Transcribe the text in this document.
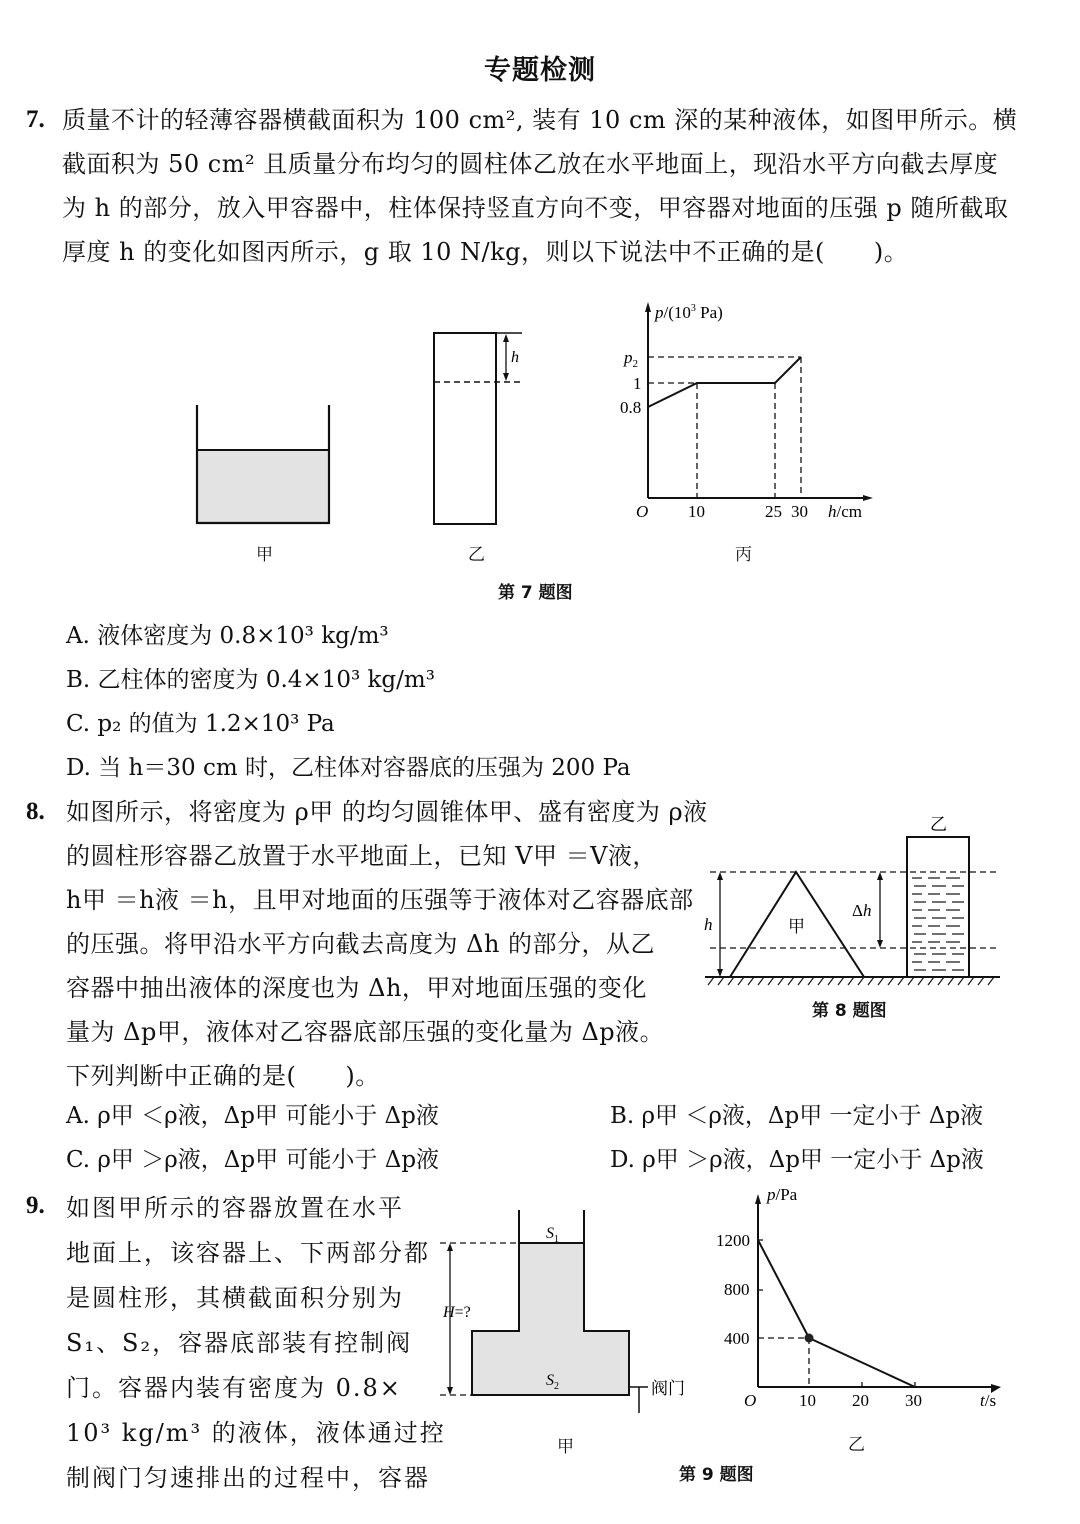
专题检测
7. 质量不计的轻薄容器横截面积为 100 cm², 装有 10 cm 深的某种液体，如图甲所示。横
截面积为 50 cm² 且质量分布均匀的圆柱体乙放在水平地面上，现沿水平方向截去厚度
为 h 的部分，放入甲容器中，柱体保持竖直方向不变，甲容器对地面的压强 p 随所截取
厚度 h 的变化如图丙所示，g 取 10 N/kg，则以下说法中不正确的是(　　)。
甲
h
乙
$p/(10^3$ Pa)
$p_2$
1
0.8
O 10	25 30 h/cm
丙
第 7 题图
A. 液体密度为 0.8×10³ kg/m³
B. 乙柱体的密度为 0.4×10³ kg/m³
C. p₂ 的值为 1.2×10³ Pa
D. 当 h＝30 cm 时，乙柱体对容器底的压强为 200 Pa
8. 如图所示，将密度为 ρ甲 的均匀圆锥体甲、盛有密度为 ρ液
的圆柱形容器乙放置于水平地面上，已知 V甲 ＝V液，
h甲 ＝h液 ＝h，且甲对地面的压强等于液体对乙容器底部
的压强。将甲沿水平方向截去高度为 Δh 的部分，从乙
容器中抽出液体的深度也为 Δh，甲对地面压强的变化
量为 Δp甲，液体对乙容器底部压强的变化量为 Δp液。
下列判断中正确的是(　　)。
甲
h
Δh
乙
第 8 题图
A. ρ甲 ＜ρ液，Δp甲 可能小于 Δp液	B. ρ甲 ＜ρ液，Δp甲 一定小于 Δp液
C. ρ甲 ＞ρ液，Δp甲 可能小于 Δp液	D. ρ甲 ＞ρ液，Δp甲 一定小于 Δp液
9. 如图甲所示的容器放置在水平
地面上，该容器上、下两部分都
是圆柱形，其横截面积分别为
S₁、S₂，容器底部装有控制阀
门。容器内装有密度为 0.8×
10³ kg/m³ 的液体，液体通过控
制阀门匀速排出的过程中，容器
H=?
$S_1$
$S_2$	阀门
甲
p/Pa
1200
800
400
O	10 20 30	t/s
乙
第 9 题图
